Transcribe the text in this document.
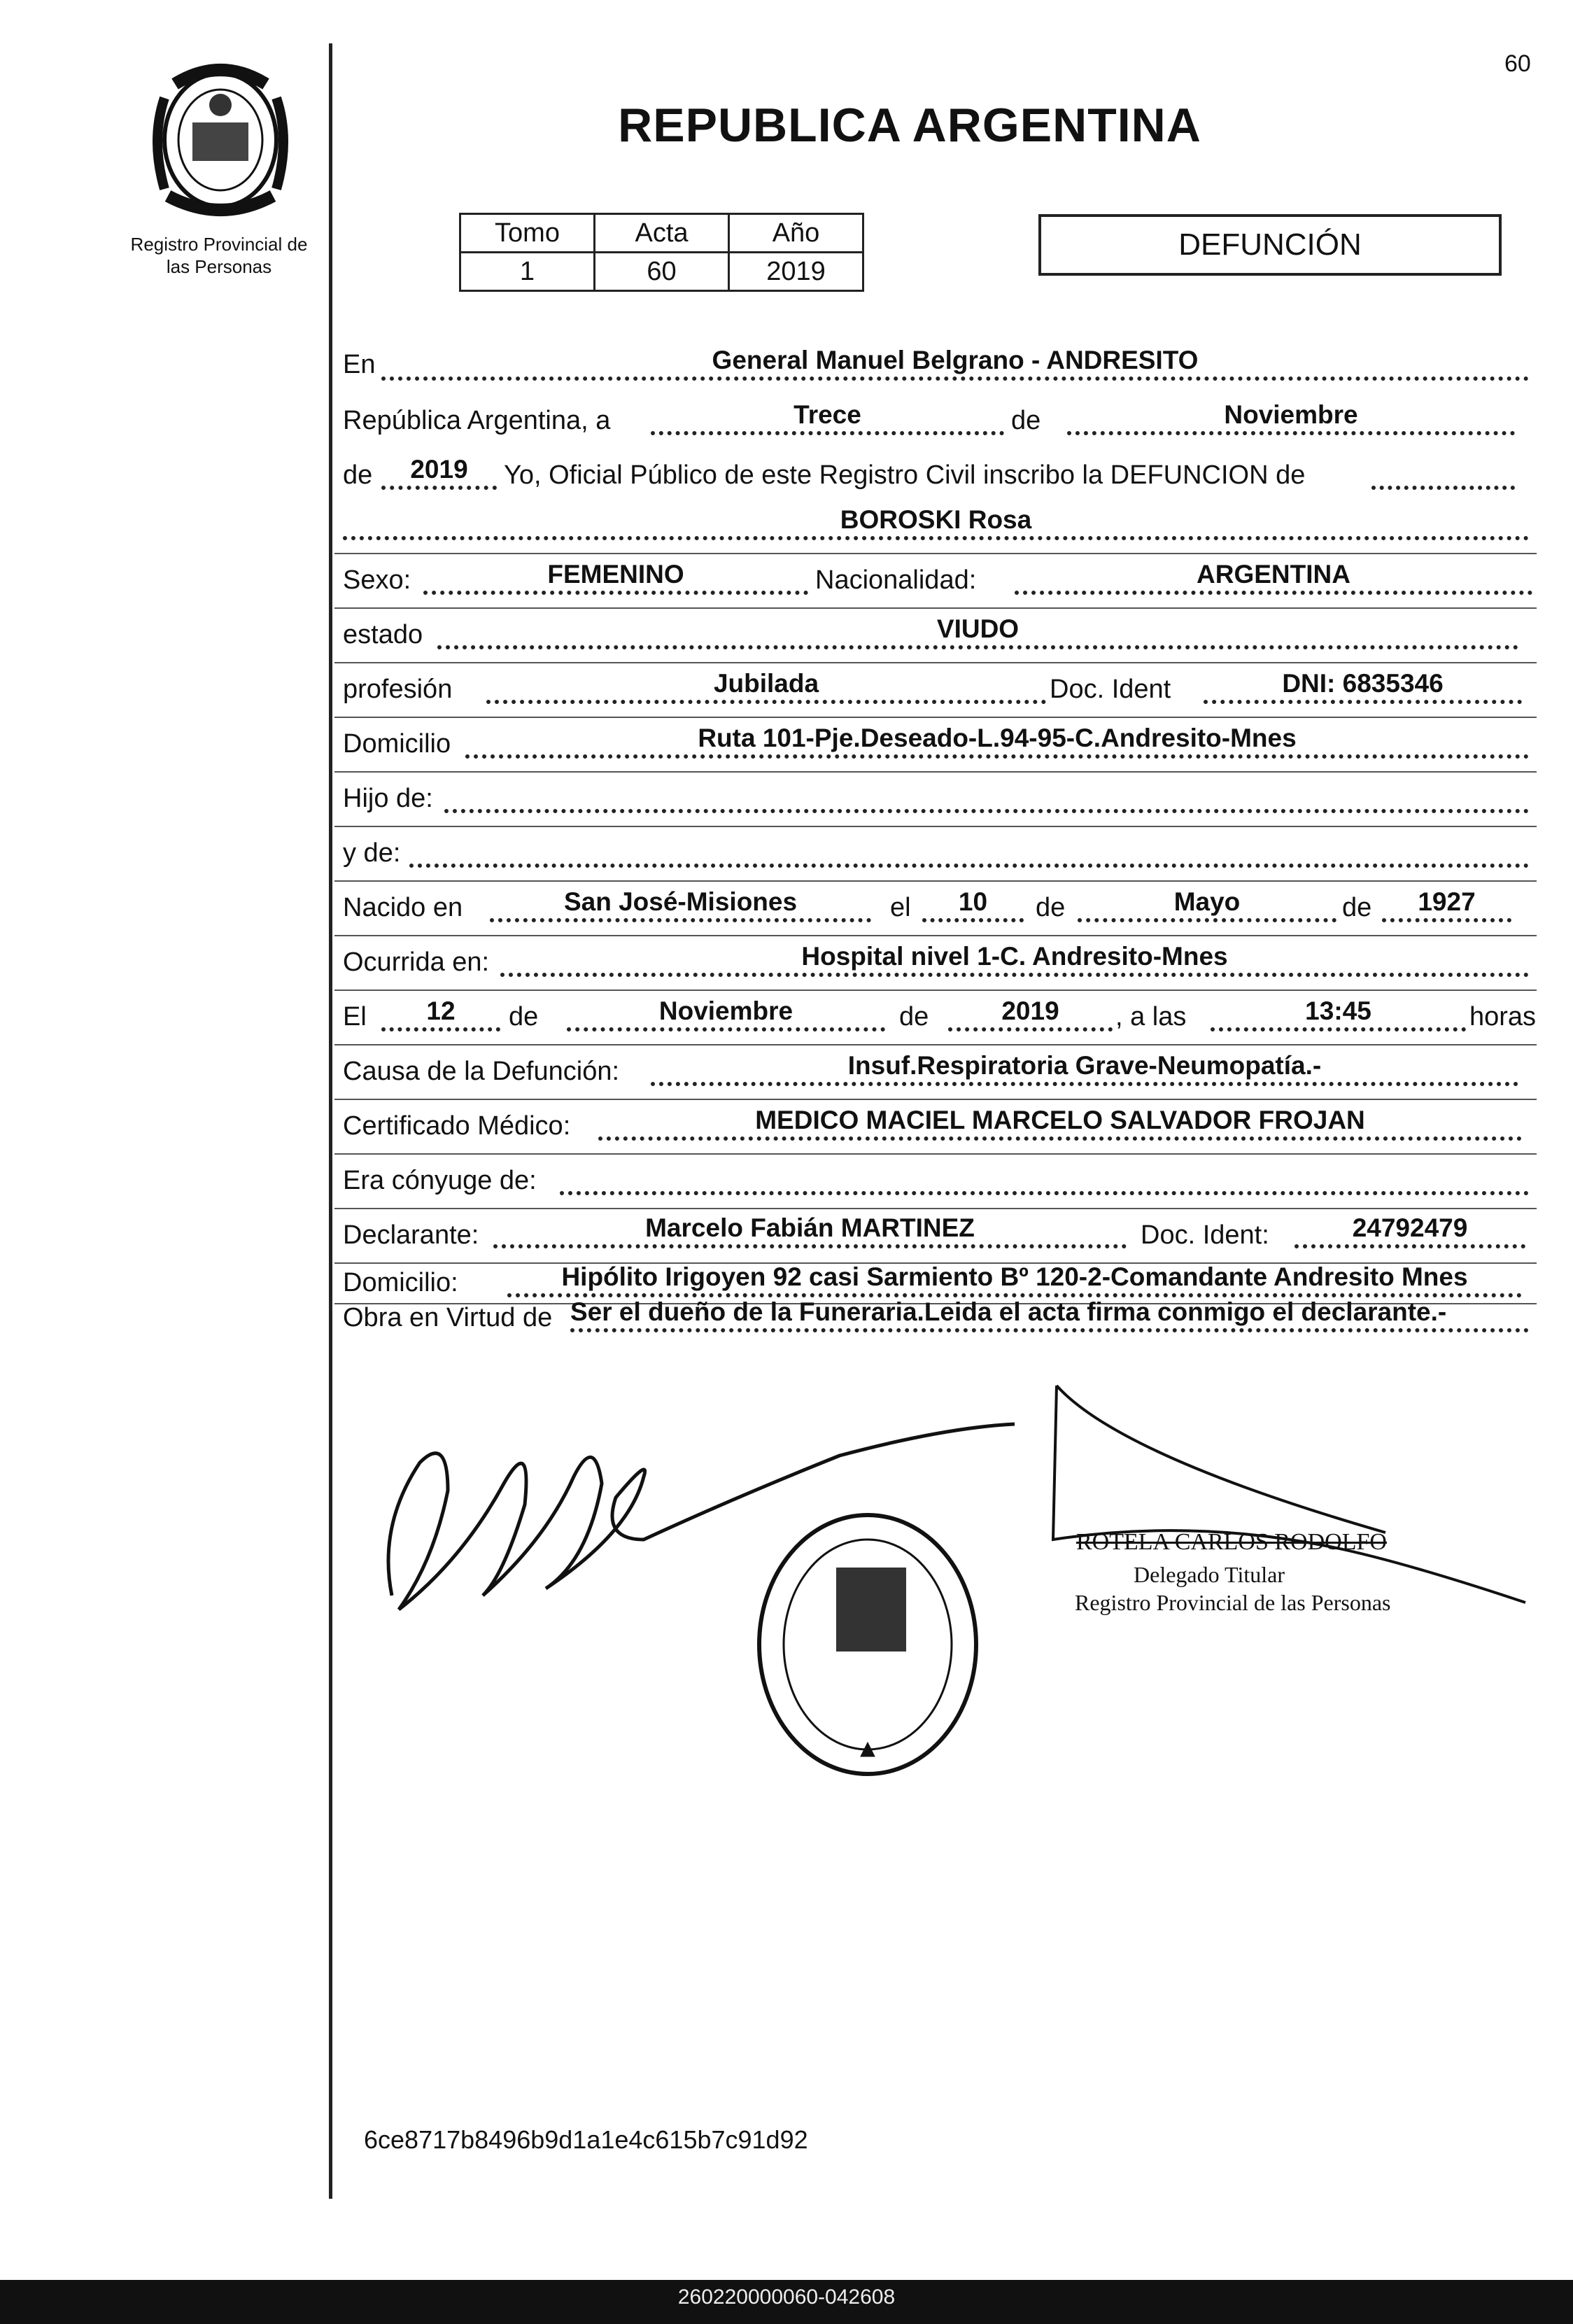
60
Registro Provincial de
las Personas
REPUBLICA ARGENTINA
Tomo	Acta	Año
1	60	2019
DEFUNCIÓN
En	General Manuel Belgrano - ANDRESITO
República Argentina, a	Trece	de	Noviembre
de	2019	Yo, Oficial Público de este Registro Civil inscribo la DEFUNCION de
BOROSKI Rosa
Sexo:	FEMENINO	Nacionalidad:	ARGENTINA
estado	VIUDO
profesión	Jubilada	Doc. Ident	DNI: 6835346
Domicilio	Ruta 101-Pje.Deseado-L.94-95-C.Andresito-Mnes
Hijo de:
y de:
Nacido en	San José-Misiones	el	10	de	Mayo	de	1927
Ocurrida en:	Hospital nivel 1-C. Andresito-Mnes
El	12	de	Noviembre	de	2019	, a las	13:45	horas
Causa de la Defunción:	Insuf.Respiratoria Grave-Neumopatía.-
Certificado Médico:	MEDICO MACIEL MARCELO SALVADOR FROJAN
Era cónyuge de:
Declarante:	Marcelo Fabián MARTINEZ	Doc. Ident:	24792479
Domicilio:	Hipólito Irigoyen 92 casi Sarmiento Bº 120-2-Comandante Andresito Mnes
Obra en Virtud de Ser el dueño de la Funeraria.Leida el acta firma conmigo el declarante.-
ROTELA CARLOS RODOLFO
Delegado Titular
Registro Provincial de las Personas
6ce8717b8496b9d1a1e4c615b7c91d92
260220000060-042608
